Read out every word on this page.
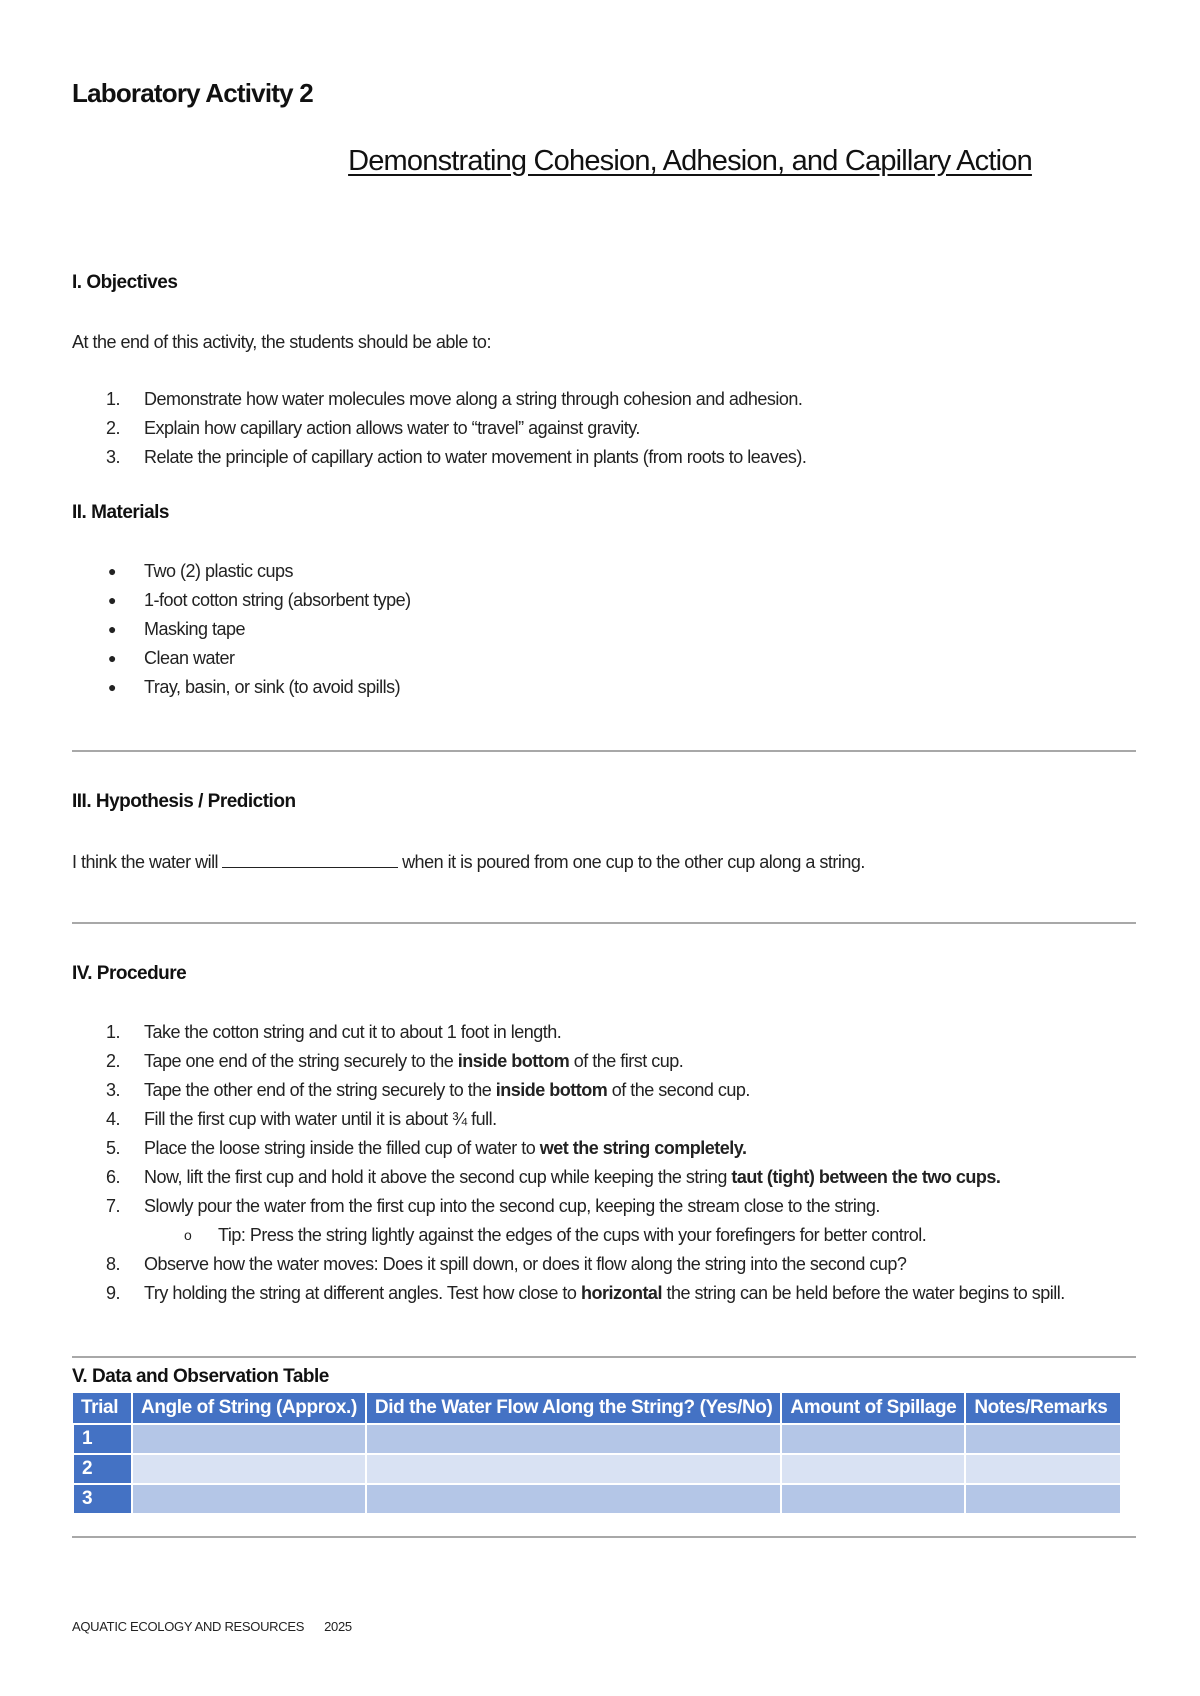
Laboratory Activity 2
Demonstrating Cohesion, Adhesion, and Capillary Action
I. Objectives

At the end of this activity, the students should be able to:

1.	Demonstrate how water molecules move along a string through cohesion and adhesion.
2.	Explain how capillary action allows water to “travel” against gravity.
3.	Relate the principle of capillary action to water movement in plants (from roots to leaves).
II. Materials
● Two (2) plastic cups
● 1-foot cotton string (absorbent type)
● Masking tape
● Clean water
● Tray, basin, or sink (to avoid spills)
III. Hypothesis / Prediction

I think the water will	when it is poured from one cup to the other cup along a string.

IV. Procedure
1.	Take the cotton string and cut it to about 1 foot in length.
2.	Tape one end of the string securely to the inside bottom of the first cup.
3.	Tape the other end of the string securely to the inside bottom of the second cup.
4.	Fill the first cup with water until it is about ¾ full.
5.	Place the loose string inside the filled cup of water to wet the string completely.
6.	Now, lift the first cup and hold it above the second cup while keeping the string taut (tight) between the two cups.
7.	Slowly pour the water from the first cup into the second cup, keeping the stream close to the string.
o Tip: Press the string lightly against the edges of the cups with your forefingers for better control.
8.	Observe how the water moves: Does it spill down, or does it flow along the string into the second cup?
9.	Try holding the string at different angles. Test how close to horizontal the string can be held before the water begins to spill.
V. Data and Observation Table
Trial	Angle of String (Approx.)	Did the Water Flow Along the String? (Yes/No)	Amount of Spillage	Notes/Remarks
1				
2				
3				
AQUATIC ECOLOGY AND RESOURCES 2025
